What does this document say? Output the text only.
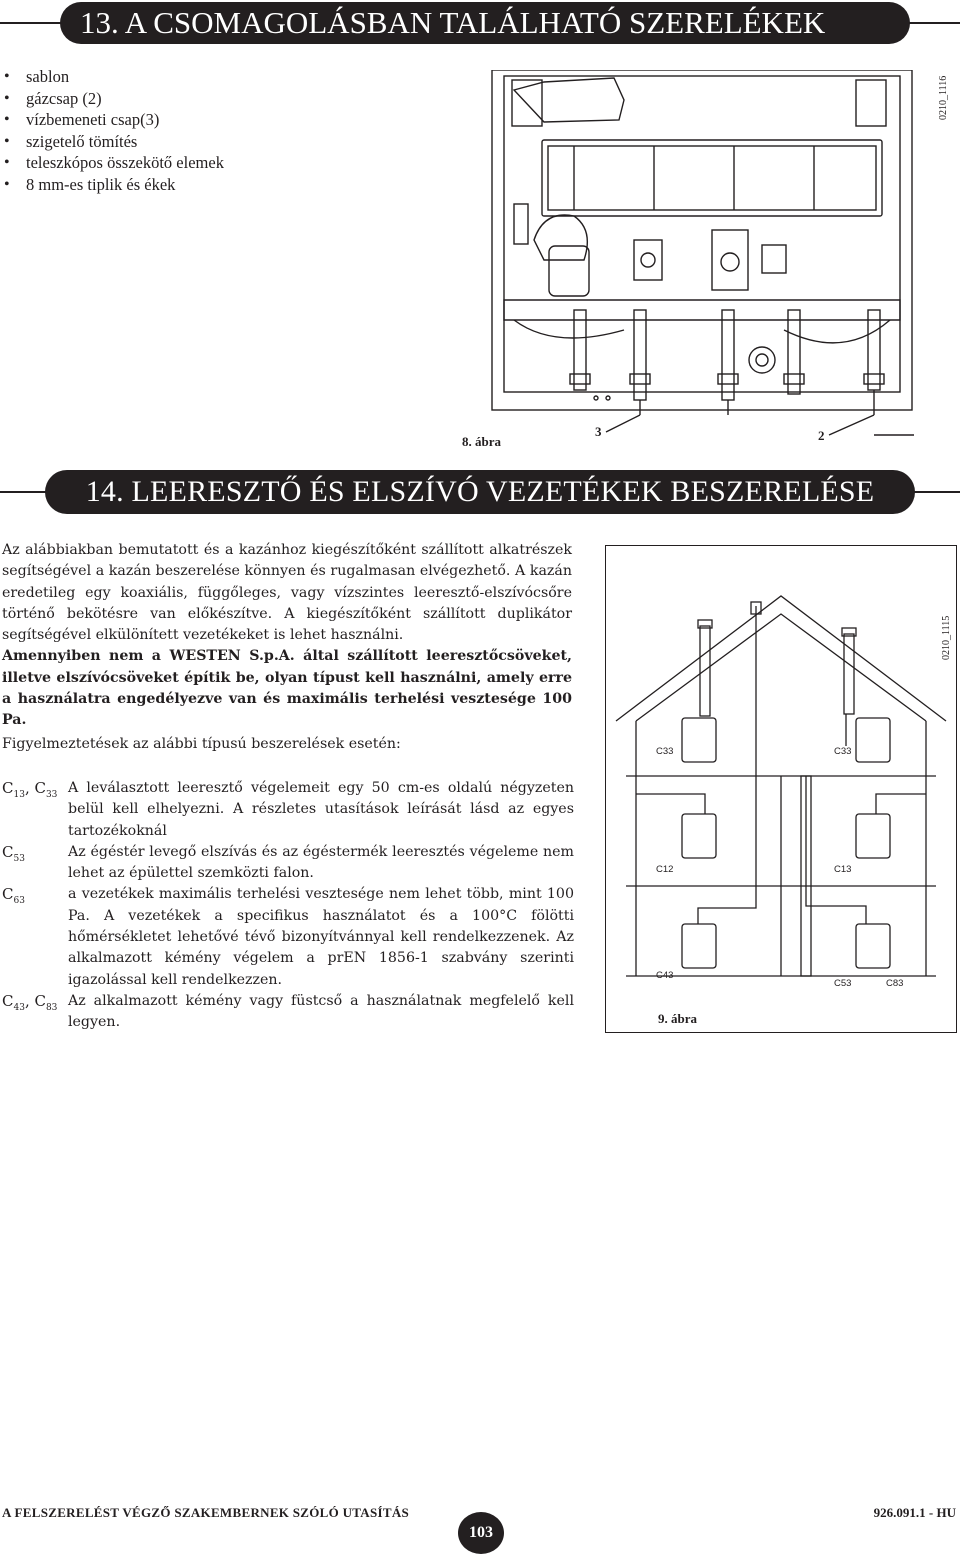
13. A CSOMAGOLÁSBAN TALÁLHATÓ SZERELÉKEK
• sablon
• gázcsap (2)
• vízbemeneti csap(3)
• szigetelő tömítés
• teleszkópos összekötő elemek
• 8 mm-es tiplik és ékek
0210_1116
8. ábra
3	2
14. LEERESZTŐ ÉS ELSZÍVÓ VEZETÉKEK BESZERELÉSE

Az alábbiakban bemutatott és a kazánhoz kiegészítőként szállított alkatrészek segítségével a kazán beszerelése könnyen és rugalmasan elvégezhető. A kazán eredetileg egy koaxiális, függőleges, vagy vízszintes leeresztő-elszívócsőre történő bekötésre van előkészítve. A kiegészítőként szállított duplikátor segítségével elkülönített vezetékeket is lehet használni.

Amennyiben nem a WESTEN S.p.A. által szállított leeresztőcsöveket, illetve elszívócsöveket építik be, olyan típust kell használni, amely erre a használatra engedélyezve van és maximális terhelési vesztesége 100 Pa.

Figyelmeztetések az alábbi típusú beszerelések esetén:
$C_{13}$, $C_{33}$ A leválasztott leeresztő végelemeit egy 50 cm-es oldalú négyzeten belül kell elhelyezni. A részletes utasítások leírását lásd az egyes tartozékoknál
$C_{53}$	Az égéstér levegő elszívás és az égéstermék leeresztés végeleme nem lehet az épülettel szemközti falon.
$C_{63}$	a vezetékek maximális terhelési vesztesége nem lehet több, mint 100 Pa. A vezetékek a specifikus használatot és a 100°C fölötti hőmérsékletet lehetővé tévő bizonyítvánnyal kell rendelkezzenek. Az alkalmazott kémény végelem a prEN 1856-1 szabvány szerinti igazolással kell rendelkezzen.
$C_{43}$, $C_{83}$ Az alkalmazott kémény vagy füstcső a használatnak megfelelő kell legyen.
C33	C33
C12	C13
C43
C53	C83
9. ábra
0210_1115
A FELSZERELÉST VÉGZŐ SZAKEMBERNEK SZÓLÓ UTASÍTÁS
103
926.091.1 - HU
